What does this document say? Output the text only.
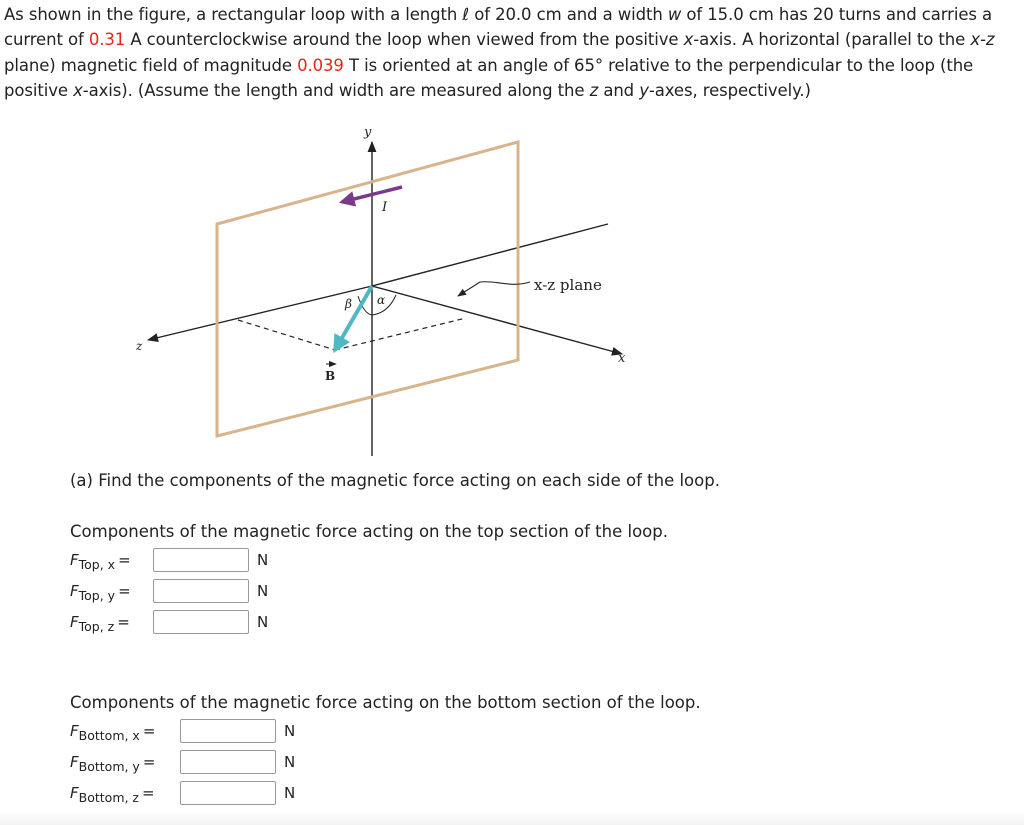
As shown in the figure, a rectangular loop with a length ℓ of 20.0 cm and a width w of 15.0 cm has 20 turns and carries a current of 0.31 A counterclockwise around the loop when viewed from the positive x-axis. A horizontal (parallel to the x-z plane) magnetic field of magnitude 0.039 T is oriented at an angle of 65° relative to the perpendicular to the loop (the positive x-axis). (Assume the length and width are measured along the z and y-axes, respectively.)
y
x
z
I
β α
B
x-z plane
(a) Find the components of the magnetic force acting on each side of the loop.
Components of the magnetic force acting on the top section of the loop.
$F_{Top, x}$ =	N
$F_{Top, y}$ =	N
$F_{Top, z}$ =	N
Components of the magnetic force acting on the bottom section of the loop.
$F_{Bottom, x}$ =	N
$F_{Bottom, y}$ =	N
$F_{Bottom, z}$ =	N
